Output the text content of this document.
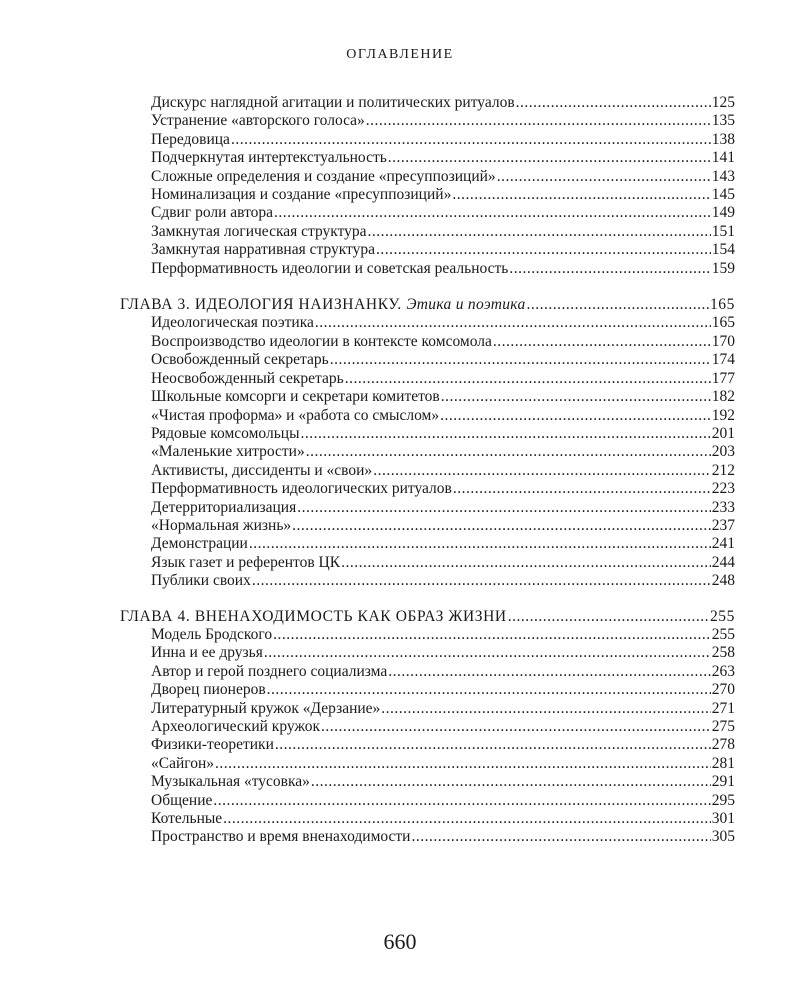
ОГЛАВЛЕНИЕ
Дискурс наглядной агитации и политических ритуалов .....	125
Устранение «авторского голоса» .....	135
Передовица .....	138
Подчеркнутая интертекстуальность .....	141
Сложные определения и создание «пресуппозиций» .....	143
Номинализация и создание «пресуппозиций» .....	145
Сдвиг роли автора .....	149
Замкнутая логическая структура .....	151
Замкнутая нарративная структура .....	154
Перформативность идеологии и советская реальность .....	159
ГЛАВА 3. ИДЕОЛОГИЯ НАИЗНАНКУ. Этика и поэтика .....	165
Идеологическая поэтика .....	165
Воспроизводство идеологии в контексте комсомола .....	170
Освобожденный секретарь .....	174
Неосвобожденный секретарь .....	177
Школьные комсорги и секретари комитетов .....	182
«Чистая проформа» и «работа со смыслом» .....	192
Рядовые комсомольцы .....	201
«Маленькие хитрости» .....	203
Активисты, диссиденты и «свои» .....	212
Перформативность идеологических ритуалов .....	223
Детерриториализация .....	233
«Нормальная жизнь» .....	237
Демонстрации .....	241
Язык газет и референтов ЦК .....	244
Публики своих .....	248
ГЛАВА 4. ВНЕНАХОДИМОСТЬ КАК ОБРАЗ ЖИЗНИ .....	255
Модель Бродского .....	255
Инна и ее друзья .....	258
Автор и герой позднего социализма .....	263
Дворец пионеров .....	270
Литературный кружок «Дерзание» .....	271
Археологический кружок .....	275
Физики-теоретики .....	278
«Сайгон» .....	281
Музыкальная «тусовка» .....	291
Общение .....	295
Котельные .....	301
Пространство и время вненаходимости .....	305
660
